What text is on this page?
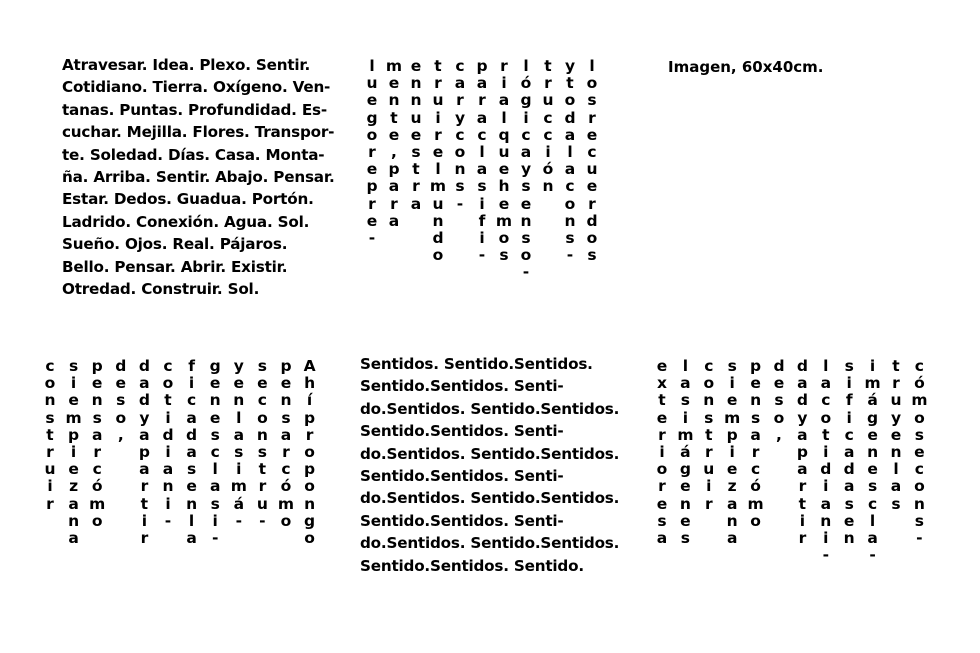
Atravesar. Idea. Plexo. Sentir.
Cotidiano. Tierra. Oxígeno. Ven-
tanas. Puntas. Profundidad. Es-
cuchar. Mejilla. Flores. Transpor-
te. Soledad. Días. Casa. Monta-
ña. Arriba. Sentir. Abajo. Pensar.
Estar. Dedos. Guadua. Portón.
Ladrido. Conexión. Agua. Sol.
Sueño. Ojos. Real. Pájaros.
Bello. Pensar. Abrir. Existir.
Otredad. Construir. Sol.
Sentidos. Sentido.Sentidos.
Sentido.Sentidos. Senti-
do.Sentidos. Sentido.Sentidos.
Sentido.Sentidos. Senti-
do.Sentidos. Sentido.Sentidos.
Sentido.Sentidos. Senti-
do.Sentidos. Sentido.Sentidos.
Sentido.Sentidos. Senti-
do.Sentidos. Sentido.Sentidos.
Sentido.Sentidos. Sentido.
Imagen, 60x40cm.
l
u
e
g
o
r
e
p
r
e
-
m
e
n
t
e
,
p
a
r
a
e
n
n
u
e
s
t
r
a
t
r
u
i
r
e
l
m
u
n
d
o
c
a
r
y
c
o
n
s
-
p
a
r
a
c
l
a
s
i
f
i
-
r
i
a
l
q
u
e
h
e
m
o
s
l
ó
g
i
c
a
y
s
e
n
s
o
-
t
r
u
c
c
i
ó
n
y
t
o
d
a
l
a
c
o
n
s
-
l
o
s
r
e
c
u
e
r
d
o
s
c
o
n
s
t
r
u
i
r
s
i
e
m
p
i
e
z
a
n
a
p
e
n
s
a
r
c
ó
m
o
d
e
s
o
,
d
a
d
y
a
p
a
r
t
i
r
c
o
t
i
d
i
a
n
i
-
f
i
c
a
d
a
s
e
n
l
a
g
e
n
e
s
c
l
a
s
i
-
y
e
n
l
a
s
i
m
á
-
s
e
c
o
n
s
t
r
u
-
p
e
n
s
a
r
c
ó
m
o
A
h
í
p
r
o
p
o
n
g
o
e
x
t
e
r
i
o
r
e
s
a
l
a
s
i
m
á
g
e
n
e
s
c
o
n
s
t
r
u
i
r
s
i
e
m
p
i
e
z
a
n
a
p
e
n
s
a
r
c
ó
m
o
d
e
s
o
,
d
a
d
y
a
p
a
r
t
i
r
l
a
c
o
t
i
d
i
a
n
i
-
s
i
f
i
c
a
d
a
s
e
n
i
m
á
g
e
n
e
s
c
l
a
-
t
r
u
y
e
n
l
a
s
c
ó
m
o
s
e
c
o
n
s
-
